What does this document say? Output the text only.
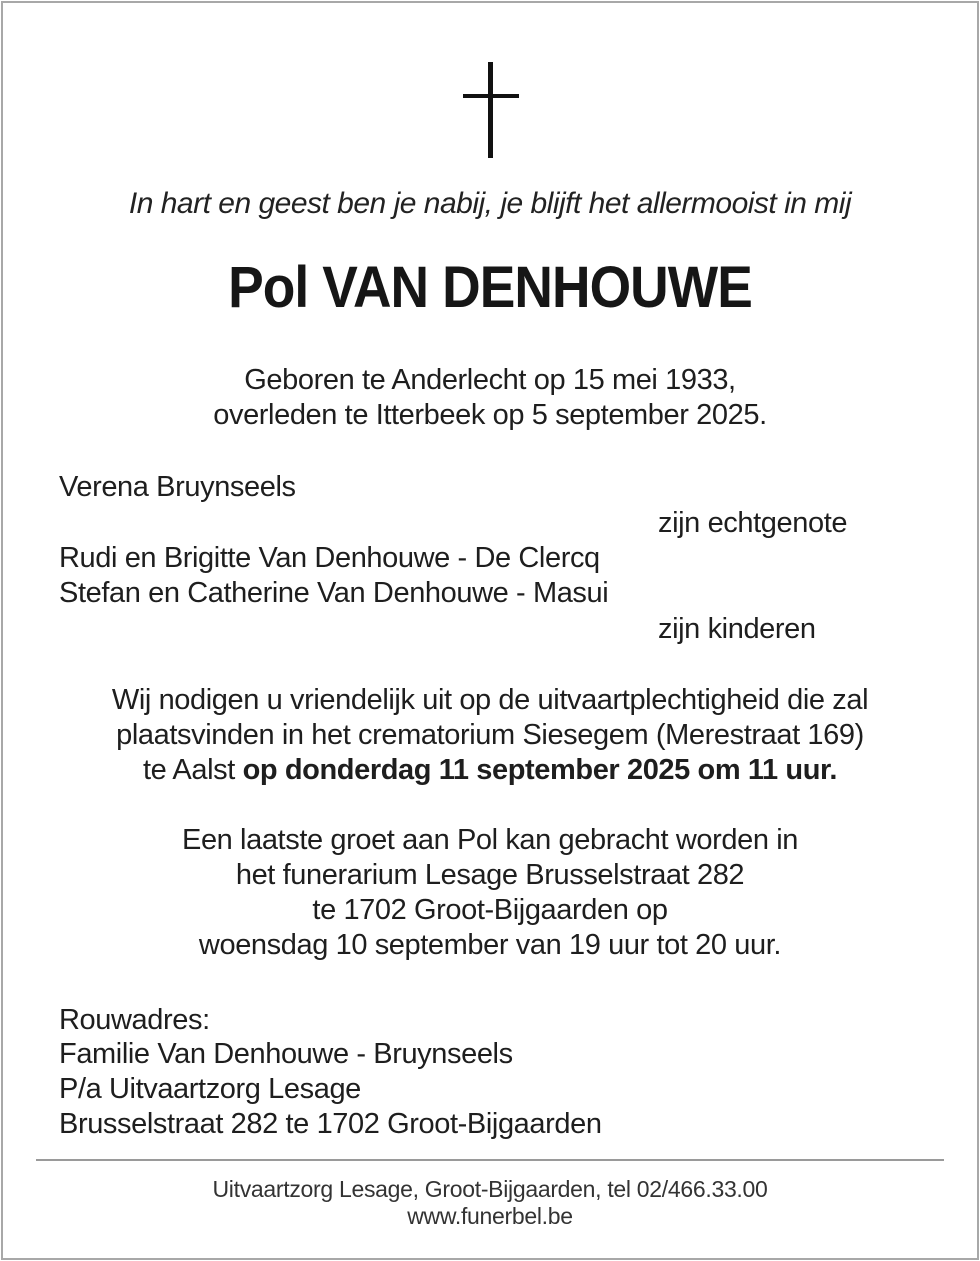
In hart en geest ben je nabij, je blijft het allermooist in mij
Pol VAN DENHOUWE
Geboren te Anderlecht op 15 mei 1933,
overleden te Itterbeek op 5 september 2025.
Verena Bruynseels
zijn echtgenote
Rudi en Brigitte Van Denhouwe - De Clercq
Stefan en Catherine Van Denhouwe - Masui
zijn kinderen
Wij nodigen u vriendelijk uit op de uitvaartplechtigheid die zal
plaatsvinden in het crematorium Siesegem (Merestraat 169)
te Aalst op donderdag 11 september 2025 om 11 uur.
Een laatste groet aan Pol kan gebracht worden in
het funerarium Lesage Brusselstraat 282
te 1702 Groot-Bijgaarden op
woensdag 10 september van 19 uur tot 20 uur.
Rouwadres:
Familie Van Denhouwe - Bruynseels
P/a Uitvaartzorg Lesage
Brusselstraat 282 te 1702 Groot-Bijgaarden
Uitvaartzorg Lesage, Groot-Bijgaarden, tel 02/466.33.00
www.funerbel.be
